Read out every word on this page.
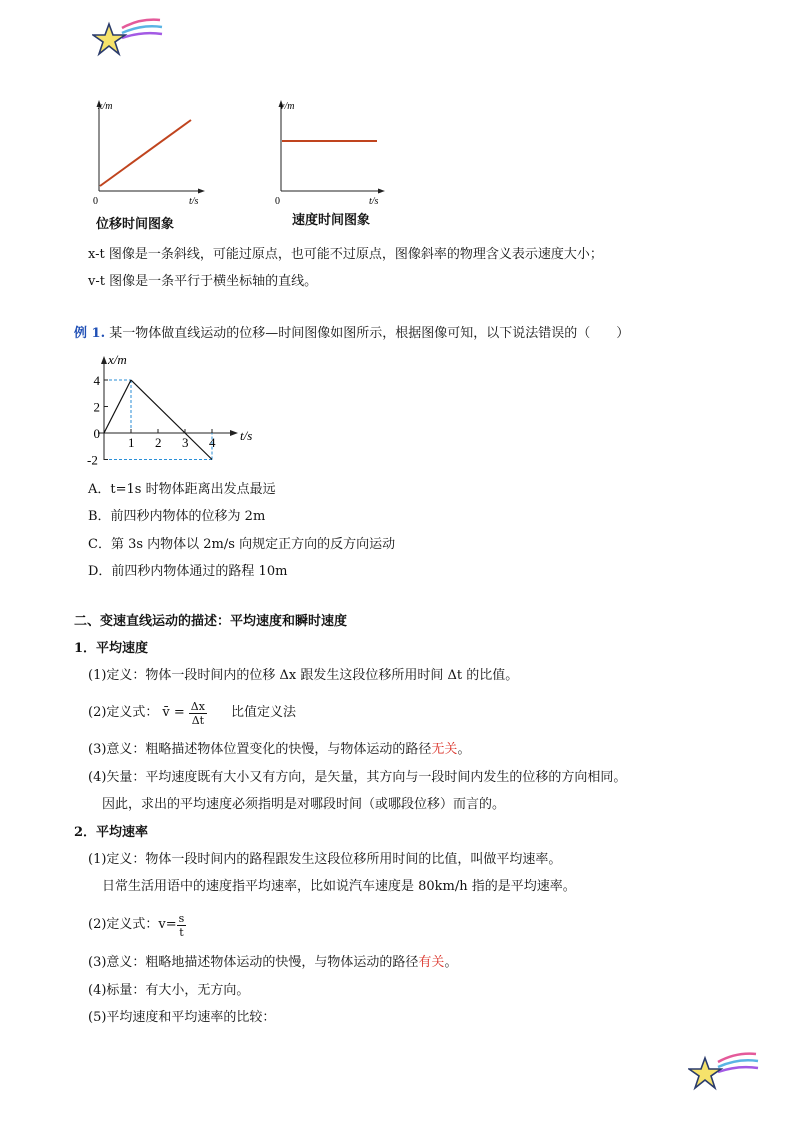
x/m
0	t/s
位移时间图象
v/m
0	t/s
速度时间图象
x-t 图像是一条斜线，可能过原点，也可能不过原点，图像斜率的物理含义表示速度大小；
v-t 图像是一条平行于横坐标轴的直线。
例 1. 某一物体做直线运动的位移—时间图像如图所示，根据图像可知，以下说法错误的（　　）
1 2 3 4
4
2
0
-2
x/m
t/s
A．t=1s 时物体距离出发点最远
B．前四秒内物体的位移为 2m
C．第 3s 内物体以 2m/s 向规定正方向的反方向运动
D．前四秒内物体通过的路程 10m
二、变速直线运动的描述：平均速度和瞬时速度
1．平均速度
(1)定义：物体一段时间内的位移 Δx 跟发生这段位移所用时间 Δt 的比值。
(2)定义式： v̄ = $\frac{\Delta x}{\Delta t}$ 比值定义法
(3)意义：粗略描述物体位置变化的快慢，与物体运动的路径无关。
(4)矢量：平均速度既有大小又有方向，是矢量，其方向与一段时间内发生的位移的方向相同。
因此，求出的平均速度必须指明是对哪段时间（或哪段位移）而言的。
2．平均速率
(1)定义：物体一段时间内的路程跟发生这段位移所用时间的比值，叫做平均速率。
日常生活用语中的速度指平均速率，比如说汽车速度是 80km/h 指的是平均速率。
(2)定义式： $v= \frac{s}{t}$
(3)意义：粗略地描述物体运动的快慢，与物体运动的路径有关。
(4)标量：有大小，无方向。
(5)平均速度和平均速率的比较：
